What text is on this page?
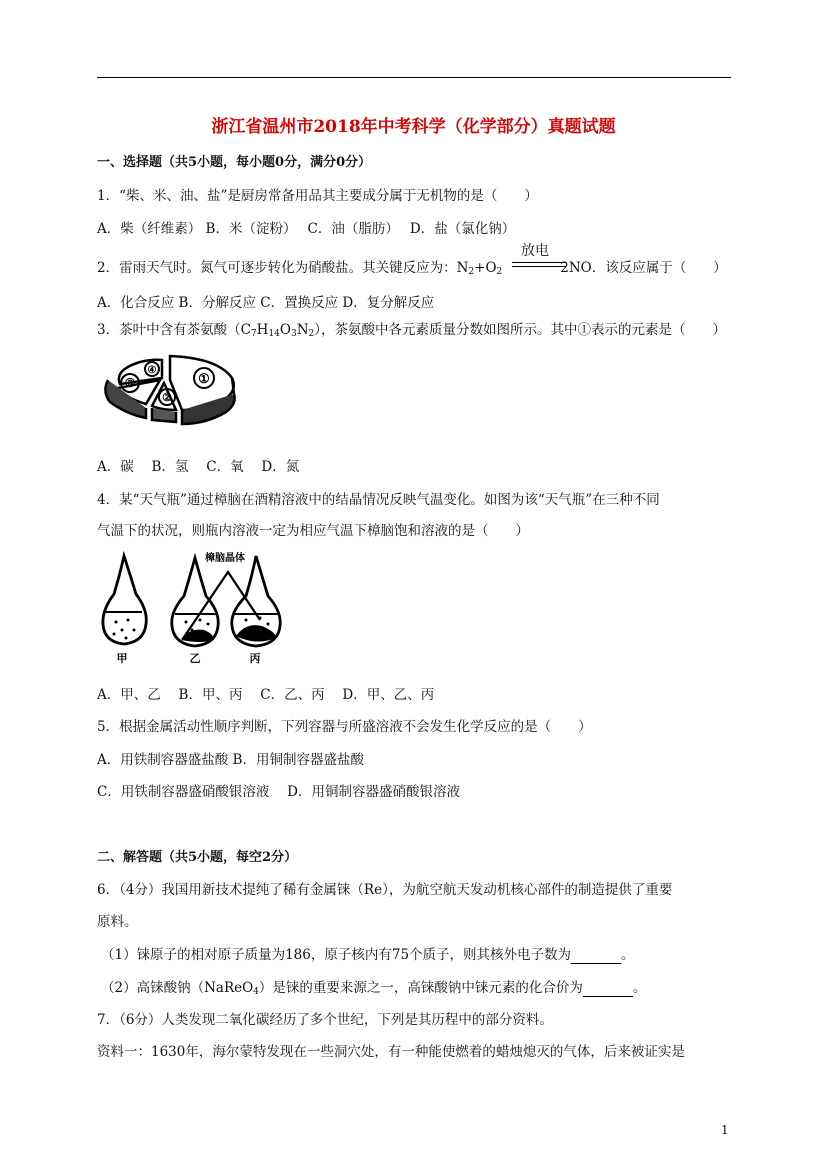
浙江省温州市2018年中考科学（化学部分）真题试题
一、选择题（共5小题，每小题0分，满分0分）
1．“柴、米、油、盐”是厨房常备用品其主要成分属于无机物的是（　　）
A．柴（纤维素） B．米（淀粉）　 C．油（脂肪）　 D．盐（氯化钠）
2．雷雨天气时。氮气可逐步转化为硝酸盐。其关键反应为：$N_2+O_2$	2NO．该反应属于（　　）
放电
A．化合反应 B．分解反应 C．置换反应 D．复分解反应
3．茶叶中含有茶氨酸$(C_7H_{14}O_3N_2)$，茶氨酸中各元素质量分数如图所示。其中①表示的元素是（　　）
①
②
③
④
A．碳　 B．氢　 C．氧　 D．氮
4．某“天气瓶”通过樟脑在酒精溶液中的结晶情况反映气温变化。如图为该“天气瓶”在三种不同
气温下的状况，则瓶内溶液一定为相应气温下樟脑饱和溶液的是（　　）
樟脑晶体
甲	乙	丙
A．甲、乙　 B．甲、丙　 C．乙、丙　 D．甲、乙、丙
5．根据金属活动性顺序判断，下列容器与所盛溶液不会发生化学反应的是（　　）
A．用铁制容器盛盐酸 B．用铜制容器盛盐酸
C．用铁制容器盛硝酸银溶液　 D．用铜制容器盛硝酸银溶液
二、解答题（共5小题，每空2分）
6．（4分）我国用新技术提纯了稀有金属铼（Re），为航空航天发动机核心部件的制造提供了重要
原料。
（1）铼原子的相对原子质量为186，原子核内有75个质子，则其核外电子数为	。
（2）高铼酸钠（NaReO$_4$）是铼的重要来源之一，高铼酸钠中铼元素的化合价为	。
7．（6分）人类发现二氧化碳经历了多个世纪，下列是其历程中的部分资料。
资料一：1630年，海尔蒙特发现在一些洞穴处，有一种能使燃着的蜡烛熄灭的气体，后来被证实是
1
